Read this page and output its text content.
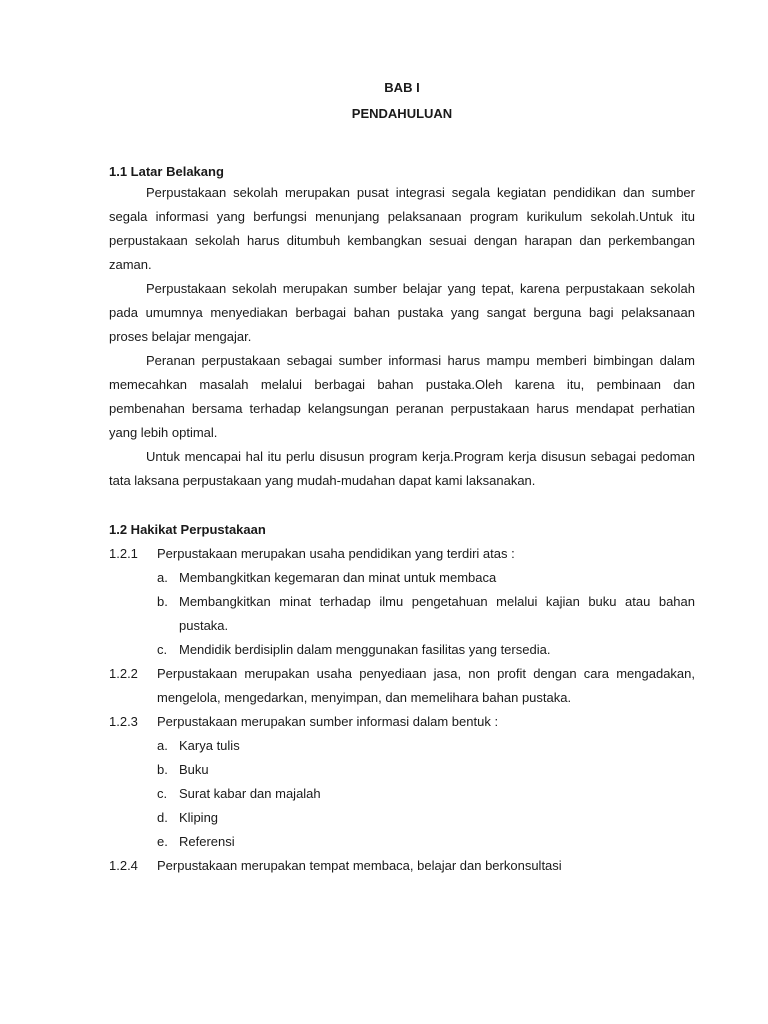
BAB I

PENDAHULUAN

1.1 Latar Belakang

Perpustakaan sekolah merupakan pusat integrasi segala kegiatan pendidikan dan sumber segala informasi yang berfungsi menunjang pelaksanaan program kurikulum sekolah.Untuk itu perpustakaan sekolah harus ditumbuh kembangkan sesuai dengan harapan dan perkembangan zaman.

Perpustakaan sekolah merupakan sumber belajar yang tepat, karena perpustakaan sekolah pada umumnya menyediakan berbagai bahan pustaka yang sangat berguna bagi pelaksanaan proses belajar mengajar.

Peranan perpustakaan sebagai sumber informasi harus mampu memberi bimbingan dalam memecahkan masalah melalui berbagai bahan pustaka.Oleh karena itu, pembinaan dan pembenahan bersama terhadap kelangsungan peranan perpustakaan harus mendapat perhatian yang lebih optimal.

Untuk mencapai hal itu perlu disusun program kerja.Program kerja disusun sebagai pedoman tata laksana perpustakaan yang mudah-mudahan dapat kami laksanakan.

1.2 Hakikat Perpustakaan

1.2.1	Perpustakaan merupakan usaha pendidikan yang terdiri atas :
a. Membangkitkan kegemaran dan minat untuk membaca
b. Membangkitkan minat terhadap ilmu pengetahuan melalui kajian buku atau bahan pustaka.
c. Mendidik berdisiplin dalam menggunakan fasilitas yang tersedia.
1.2.2	Perpustakaan merupakan usaha penyediaan jasa, non profit dengan cara mengadakan, mengelola, mengedarkan, menyimpan, dan memelihara bahan pustaka.
1.2.3	Perpustakaan merupakan sumber informasi dalam bentuk :
a. Karya tulis
b. Buku
c. Surat kabar dan majalah
d. Kliping
e. Referensi
1.2.4	Perpustakaan merupakan tempat membaca, belajar dan berkonsultasi
